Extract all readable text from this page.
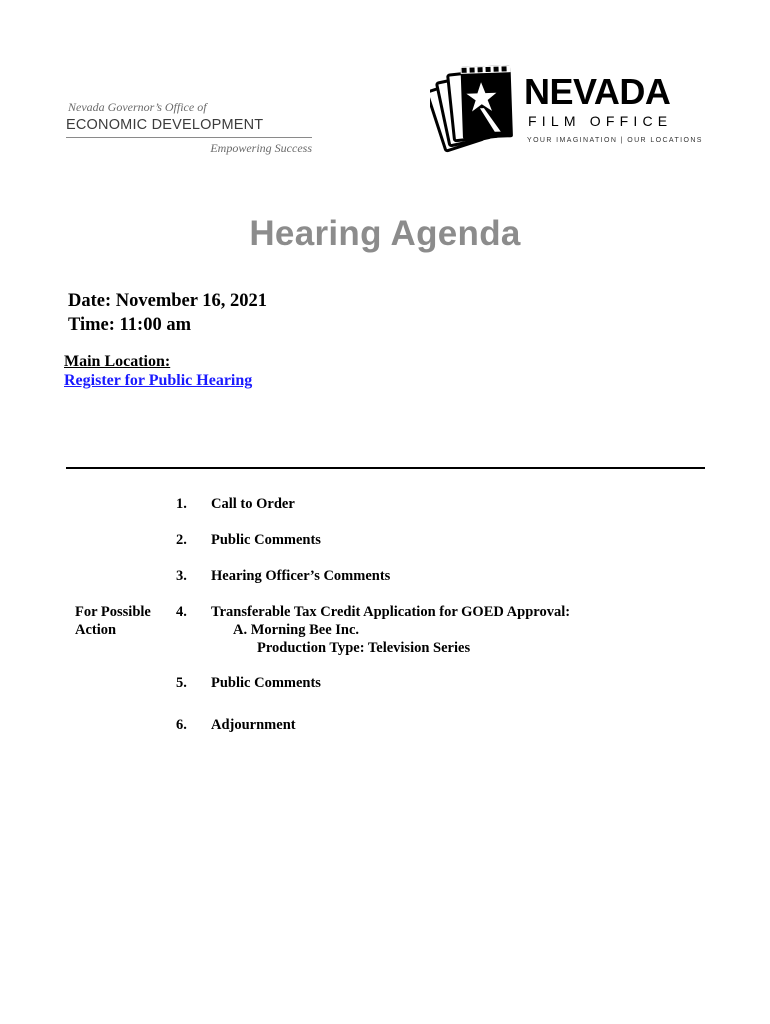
Nevada Governor’s Office of
ECONOMIC DEVELOPMENT
Empowering Success
NEVADA
FILM OFFICE
YOUR IMAGINATION | OUR LOCATIONS
Hearing Agenda
Date: November 16, 2021
Time: 11:00 am
Main Location:
Register for Public Hearing
1. Call to Order
2. Public Comments
3. Hearing Officer’s Comments
For Possible Action
4. Transferable Tax Credit Application for GOED Approval:
A. Morning Bee Inc.
Production Type: Television Series
5. Public Comments
6. Adjournment
